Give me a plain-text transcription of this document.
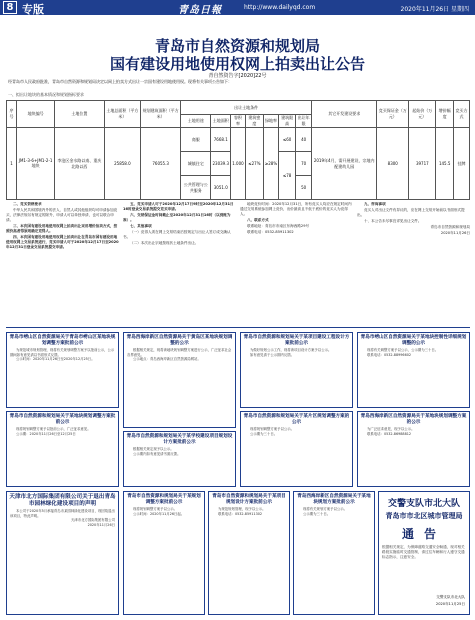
8 专版	青岛日報	http://www.dailyqd.com	2020年11月26日 星期四
青岛市自然资源和规划局
国有建设用地使用权网上拍卖出让公告
青自然资告字[2020]22号
经青岛市人民政府批准，青岛市自然资源和规划局决定以网上拍卖方式出让一宗国有建设用地使用权。现将有关事项公告如下：
一、拟出让地块的基本情况和规划指标要求
序号	地块编号	土地位置	土地总面积（平方米）	规划建筑面积（平方米）	出让土地条件							其它开发建设要求	竞买保证金（万元）	起始价（万元）	增价幅度	竞买方式
					土地用途	土地面积	容积率	建筑密度	绿地率	建筑限高	出让年限					
1	JM1-3-6+JM1-2-1 地块	李沧区金水路以南、重庆北路以西	25858.0	76055.3	商服	7668.1	1.000	≤27%	≥28%	≤60	40	2019年4月，需开展建设，宗地内配建幼儿园	8300	39717	145.5	挂牌
					城镇住宅	23039.3				≤78	70					
					公共管理与公共服务	3051.0					50					

二、竞买资格要求

中华人民共和国境内外的法人、自然人或其他组织均可申请参加竞买，法律法规另有规定的除外，申请人可以单独申请，也可以联合申请。

三、本次国有建设用地使用权网上拍卖出让采用增价拍卖方式，按照价高者得原则确定竞得人。

四、本次国有建设用地使用权网上拍卖出让在青岛市国有建设用地使用权网上交易系统进行，竞买申请人可于2020年12月17日至2020年12月31日登录交易系统提交申请。

五、竞买申请人可于2020年12月17日9时至2020年12月31日16时登录交易系统提交竞买申请。

六、交纳保证金时间截止至2020年12月31日16时（以到账为准）。

七、其他事项

（一）竞得人须在网上交易结束后按规定与出让人签订成交确认书。

（二）本次出让宗地按现状土地条件出让。

地块竞价时间：2020年12月31日，所有竞买人均应在规定时间内通过交易系统参加网上竞价，出价最高且不低于底价的竞买人为竞得人。

八、联系方式

联系地址：青岛市市南区东海西路29号

联系电话：0532-85911302

九、咨询事项

竞买人对出让文件有异议的，应在网上交易开始前以书面形式提出。

十、本公告未尽事宜详见出让文件。

青岛市自然资源和规划局

2020年11月26日

青岛市崂山区自然资源局关于青岛市崂山区某地块规划调整方案批前公示
为规范城市规划管理，现将有关规划调整方案予以批前公示，公示期间如有意见请以书面形式反馈。
公示时间：2020年11月26日至2020年12月25日。
青岛西海岸新区自然资源局关于黄岛区某地块规划调整的公示
根据相关规定，现将该地块规划调整方案进行公示，广泛征求社会各界意见。
公示地点：青岛西海岸新区自然资源局网站。
青岛市自然资源和规划局关于某项目建设工程设计方案批前公示
为做好规划公示工作，现将该项目设计方案予以公示。
如有意见请于公示期内反馈。
青岛市崂山区自然资源局关于某地块控制性详细规划调整的公示
现将有关调整方案予以公示，公示期为三十日。
联系电话：0532-88996602
青岛市自然资源和规划局关于某地块规划调整方案批前公示
现将规划调整方案予以批前公示，广泛征求意见。
公示期：2020年11月26日至12月25日
青岛市自然资源和规划局关于某学校建设项目规划设计方案批前公示
根据相关规定现予以公示。
公示期内如有意见请书面反馈。
青岛市自然资源和规划局关于某片区规划调整方案的公示
现将规划调整方案予以公示。
公示期为三十日。
青岛西海岸新区自然资源局关于某地块规划调整方案的公示
为广泛征求意见，现予以公示。
联系电话：0532-86988812
天津市北方国际集团有限公司关于退出青岛市园林绿化建设项目的声明
本公司于2020年5月承接青岛市某园林绿化建设项目，现因故退出该项目，特此声明。
天津市北方国际集团有限公司
2020年11月26日
青岛市自然资源和规划局关于某规划调整方案批前公示
现将规划调整方案予以公示。
公示时间：2020年11月26日起。
青岛市自然资源和规划局关于某项目规划设计方案批前公示
为规范规划管理，现予以公示。
联系电话：0532-85911302
青岛西海岸新区自然资源局关于某地块规划方案批前公示
现将有关规划方案予以公示。
公示期为三十日。
交警支队市北大队
青岛市市北区城市管理局
通告
根据相关规定，为保障道路交通安全畅通，现对相关路段实施临时交通管制，请过往车辆和行人遵守交通标志指示，注意安全。
交警支队市北大队
2020年11月25日
